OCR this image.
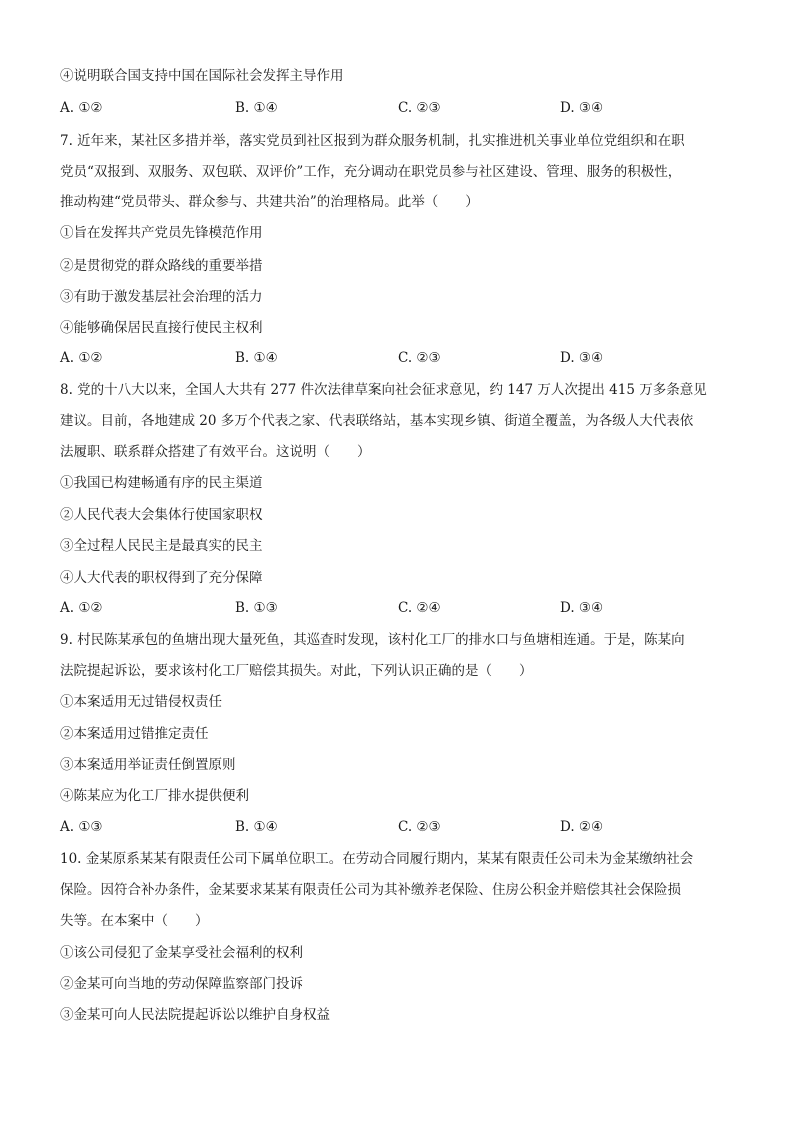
④说明联合国支持中国在国际社会发挥主导作用
A. ①②	B. ①④	C. ②③	D. ③④
7. 近年来，某社区多措并举，落实党员到社区报到为群众服务机制，扎实推进机关事业单位党组织和在职
党员“双报到、双服务、双包联、双评价”工作，充分调动在职党员参与社区建设、管理、服务的积极性，
推动构建“党员带头、群众参与、共建共治”的治理格局。此举（　　）
①旨在发挥共产党员先锋模范作用
②是贯彻党的群众路线的重要举措
③有助于激发基层社会治理的活力
④能够确保居民直接行使民主权利
A. ①②	B. ①④	C. ②③	D. ③④
8. 党的十八大以来，全国人大共有 277 件次法律草案向社会征求意见，约 147 万人次提出 415 万多条意见
建议。目前，各地建成 20 多万个代表之家、代表联络站，基本实现乡镇、街道全覆盖，为各级人大代表依
法履职、联系群众搭建了有效平台。这说明（　　）
①我国已构建畅通有序的民主渠道
②人民代表大会集体行使国家职权
③全过程人民民主是最真实的民主
④人大代表的职权得到了充分保障
A. ①②	B. ①③	C. ②④	D. ③④
9. 村民陈某承包的鱼塘出现大量死鱼，其巡查时发现，该村化工厂的排水口与鱼塘相连通。于是，陈某向
法院提起诉讼，要求该村化工厂赔偿其损失。对此，下列认识正确的是（　　）
①本案适用无过错侵权责任
②本案适用过错推定责任
③本案适用举证责任倒置原则
④陈某应为化工厂排水提供便利
A. ①③	B. ①④	C. ②③	D. ②④
10. 金某原系某某有限责任公司下属单位职工。在劳动合同履行期内，某某有限责任公司未为金某缴纳社会
保险。因符合补办条件，金某要求某某有限责任公司为其补缴养老保险、住房公积金并赔偿其社会保险损
失等。在本案中（　　）
①该公司侵犯了金某享受社会福利的权利
②金某可向当地的劳动保障监察部门投诉
③金某可向人民法院提起诉讼以维护自身权益
